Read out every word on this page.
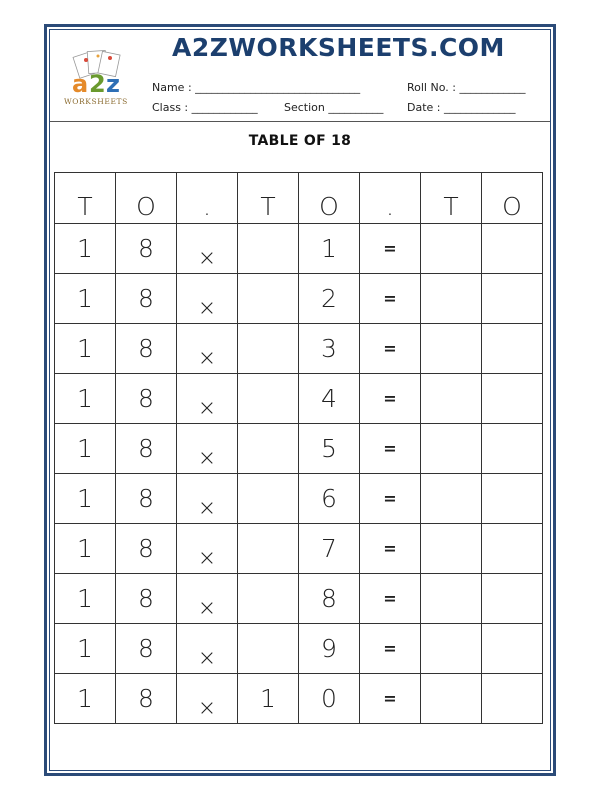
a 2 z
WORKSHEETS
A2ZWORKSHEETS.COM
Name : ______________________________	Roll No. : ____________
Class : ____________ Section __________ Date : _____________
TABLE OF 18
T	O	.	T	O	.	T	O
1	8	×		1	=		
1	8	×		2	=		
1	8	×		3	=		
1	8	×		4	=		
1	8	×		5	=		
1	8	×		6	=		
1	8	×		7	=		
1	8	×		8	=		
1	8	×		9	=		
1	8	×	1	0	=		
